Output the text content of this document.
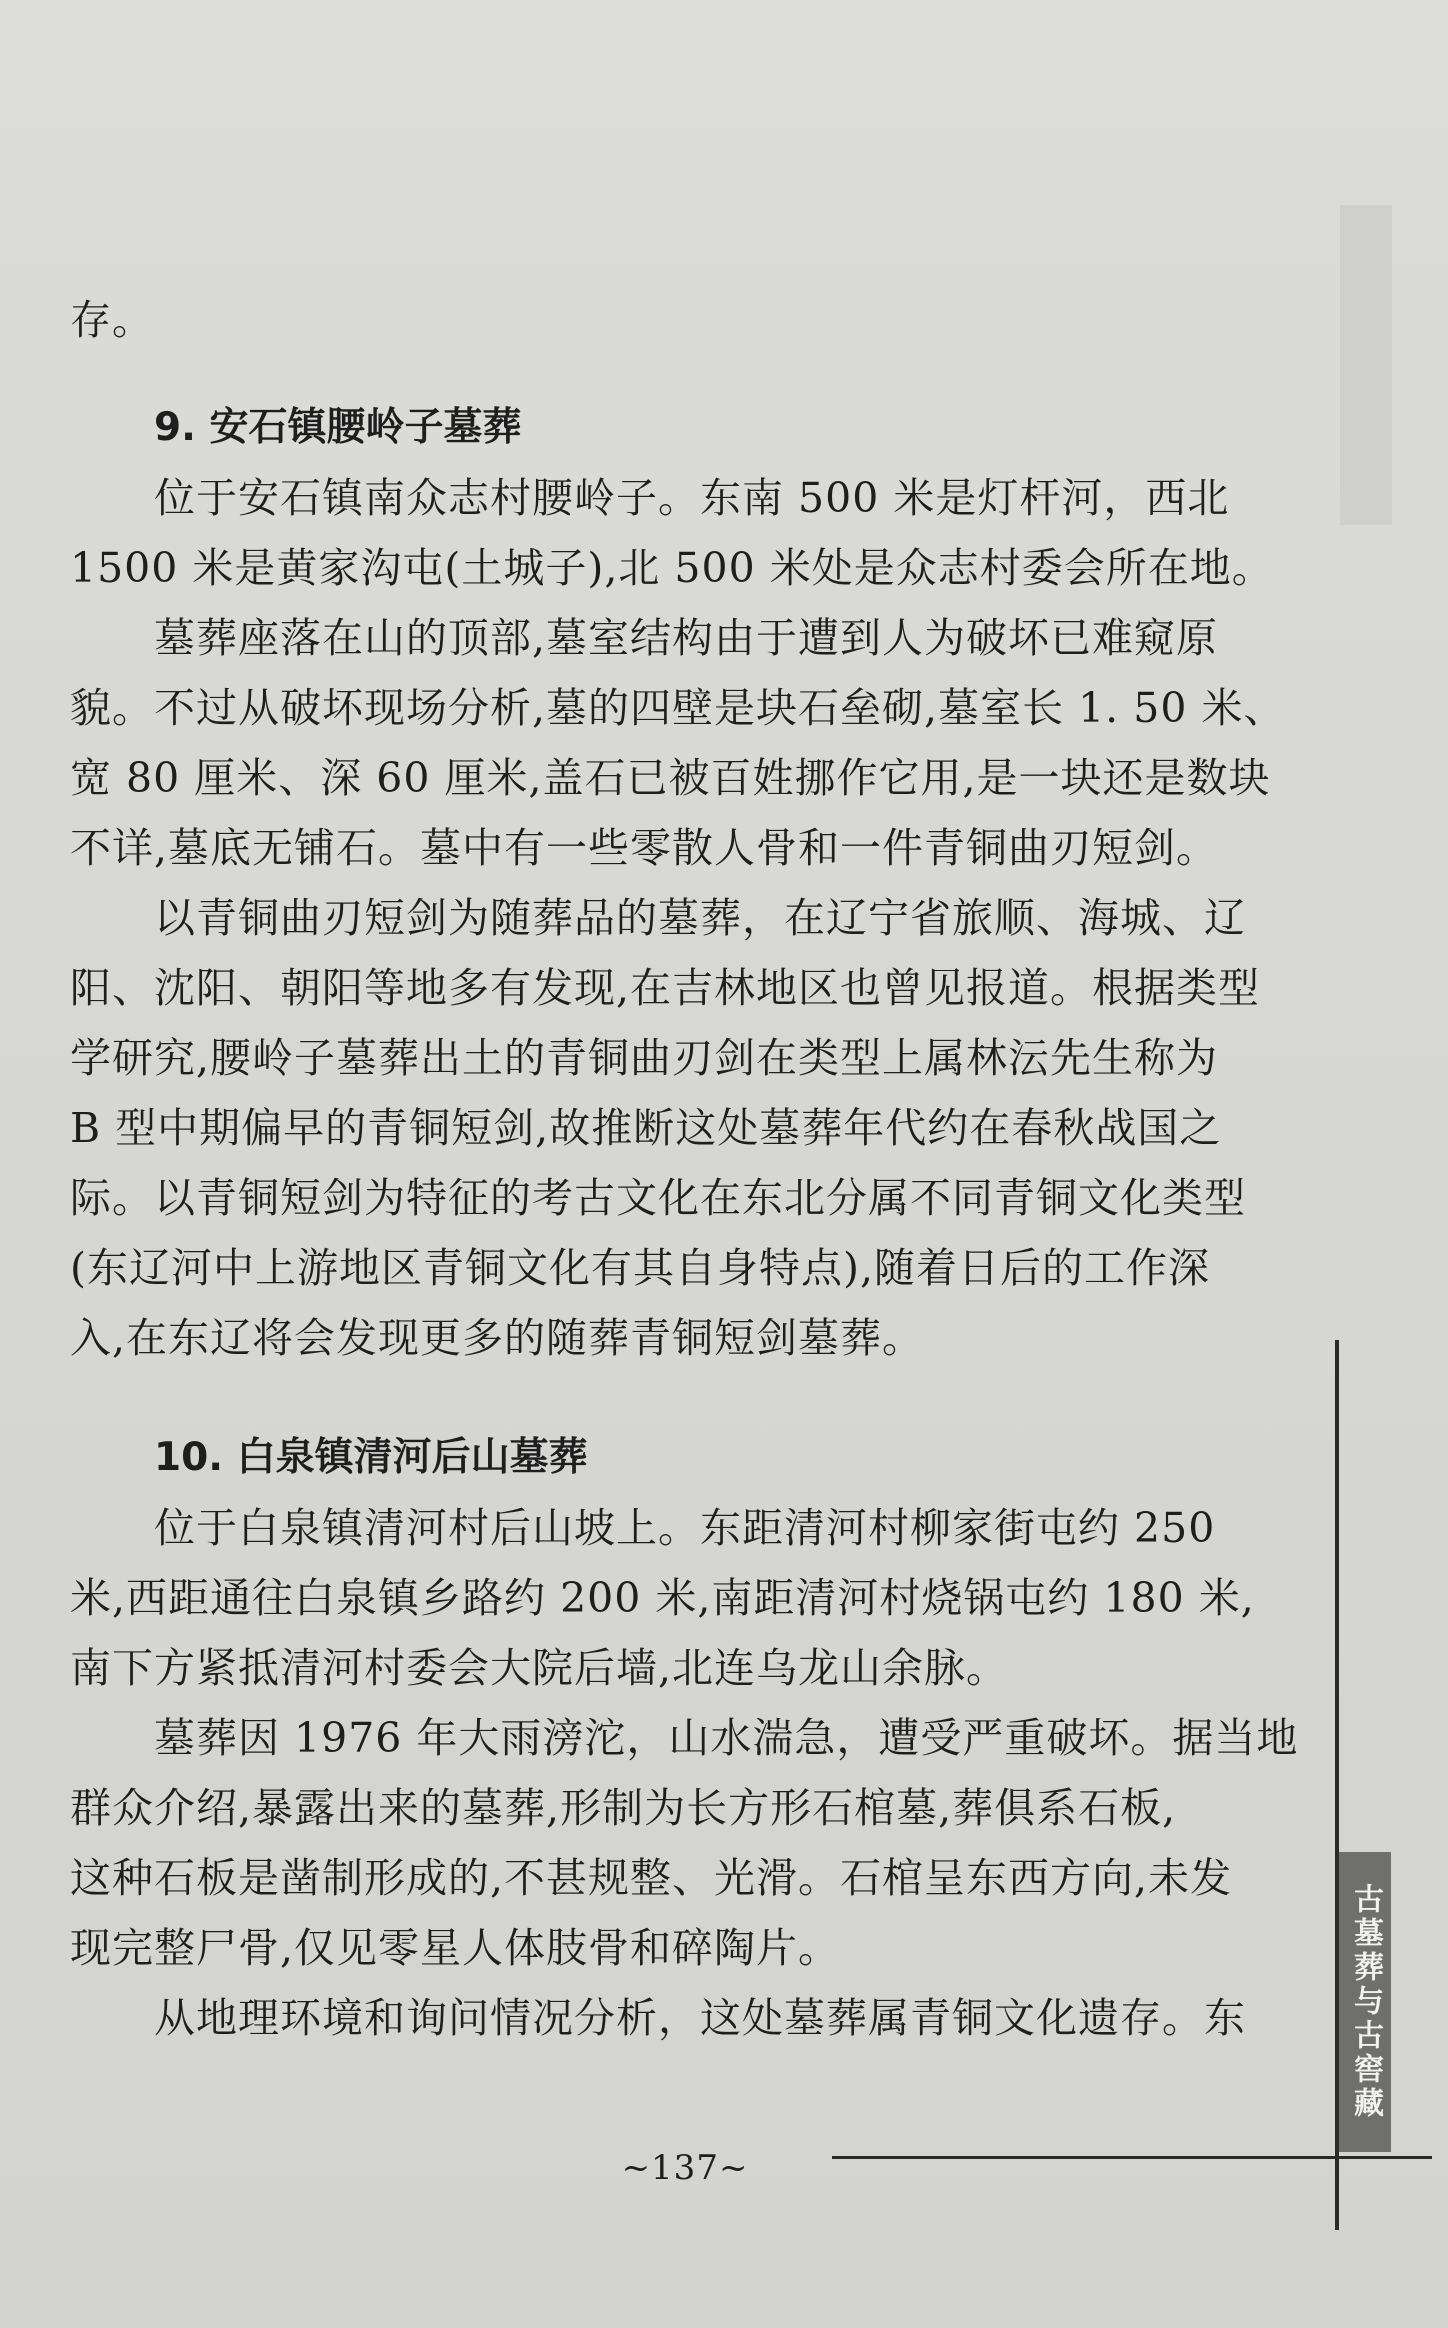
存。
9. 安石镇腰岭子墓葬
位于安石镇南众志村腰岭子。东南 500 米是灯杆河，西北
1500 米是黄家沟屯(土城子),北 500 米处是众志村委会所在地。
墓葬座落在山的顶部,墓室结构由于遭到人为破坏已难窥原
貌。不过从破坏现场分析,墓的四壁是块石垒砌,墓室长 1. 50 米、
宽 80 厘米、深 60 厘米,盖石已被百姓挪作它用,是一块还是数块
不详,墓底无铺石。墓中有一些零散人骨和一件青铜曲刃短剑。
以青铜曲刃短剑为随葬品的墓葬，在辽宁省旅顺、海城、辽
阳、沈阳、朝阳等地多有发现,在吉林地区也曾见报道。根据类型
学研究,腰岭子墓葬出土的青铜曲刃剑在类型上属林沄先生称为
B 型中期偏早的青铜短剑,故推断这处墓葬年代约在春秋战国之
际。以青铜短剑为特征的考古文化在东北分属不同青铜文化类型
(东辽河中上游地区青铜文化有其自身特点),随着日后的工作深
入,在东辽将会发现更多的随葬青铜短剑墓葬。
10. 白泉镇清河后山墓葬
位于白泉镇清河村后山坡上。东距清河村柳家街屯约 250
米,西距通往白泉镇乡路约 200 米,南距清河村烧锅屯约 180 米,
南下方紧抵清河村委会大院后墙,北连乌龙山余脉。
墓葬因 1976 年大雨滂沱，山水湍急，遭受严重破坏。据当地
群众介绍,暴露出来的墓葬,形制为长方形石棺墓,葬俱系石板,
这种石板是凿制形成的,不甚规整、光滑。石棺呈东西方向,未发
现完整尸骨,仅见零星人体肢骨和碎陶片。
从地理环境和询问情况分析，这处墓葬属青铜文化遗存。东	古墓葬与古窖藏
~137~
